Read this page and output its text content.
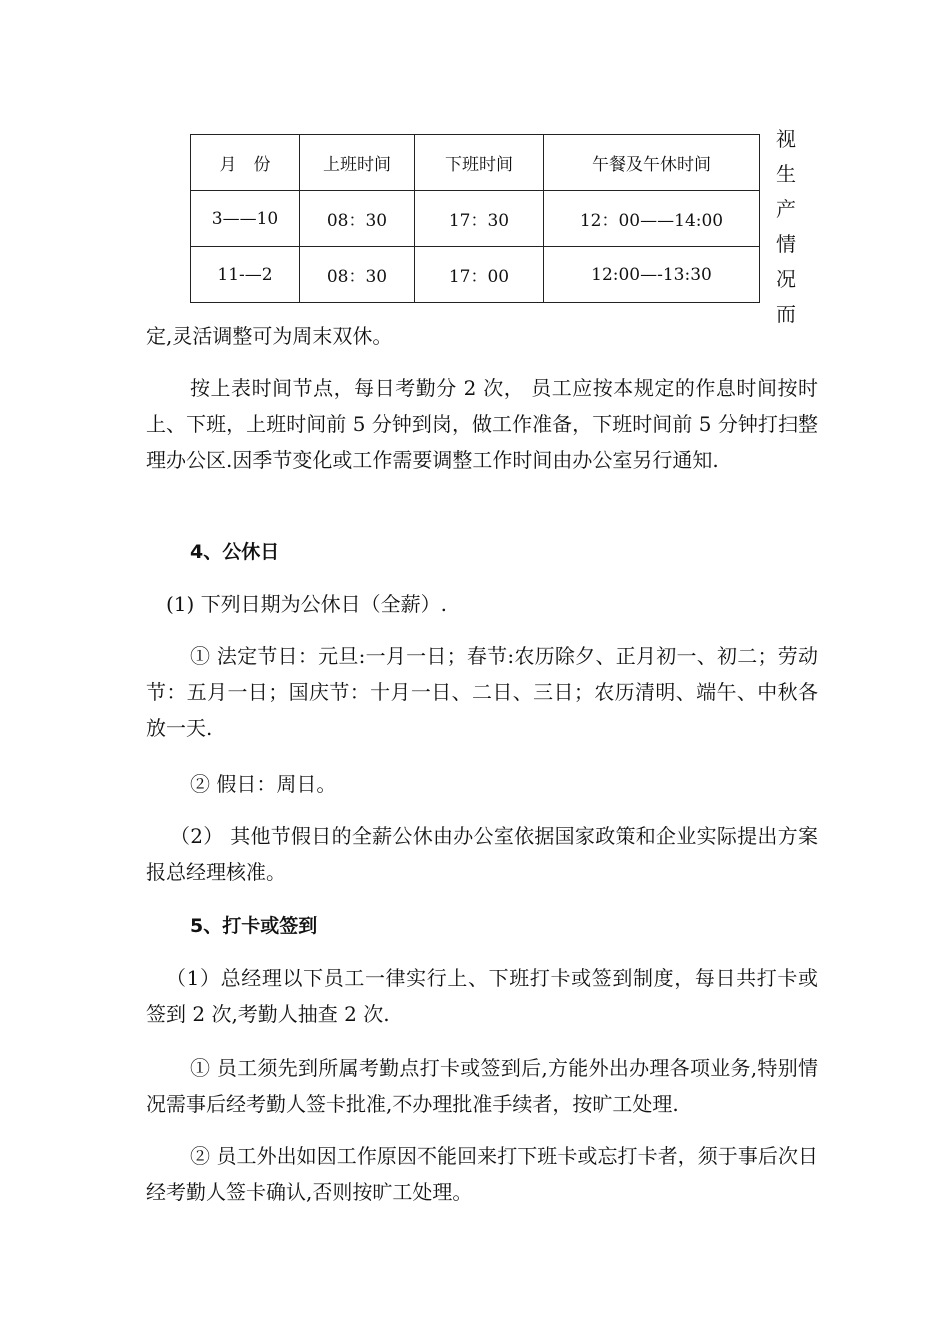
月　份	上班时间	下班时间	午餐及午休时间
3——10	08：30	17：30	12：00——14:00
11-—2	08：30	17：00	12:00—-13:30
视
生
产
情
况
而

定,灵活调整可为周末双休。

按上表时间节点，每日考勤分 2 次， 员工应按本规定的作息时间按时上、下班，上班时间前 5 分钟到岗，做工作准备，下班时间前 5 分钟打扫整理办公区.因季节变化或工作需要调整工作时间由办公室另行通知.

4、公休日

(1) 下列日期为公休日（全薪）.

① 法定节日：元旦:一月一日；春节:农历除夕、正月初一、初二；劳动节：五月一日；国庆节：十月一日、二日、三日；农历清明、端午、中秋各放一天.

② 假日：周日。

（2） 其他节假日的全薪公休由办公室依据国家政策和企业实际提出方案报总经理核准。

5、打卡或签到

（1）总经理以下员工一律实行上、下班打卡或签到制度，每日共打卡或签到 2 次,考勤人抽查 2 次.

① 员工须先到所属考勤点打卡或签到后,方能外出办理各项业务,特别情况需事后经考勤人签卡批准,不办理批准手续者，按旷工处理.

② 员工外出如因工作原因不能回来打下班卡或忘打卡者，须于事后次日经考勤人签卡确认,否则按旷工处理。
